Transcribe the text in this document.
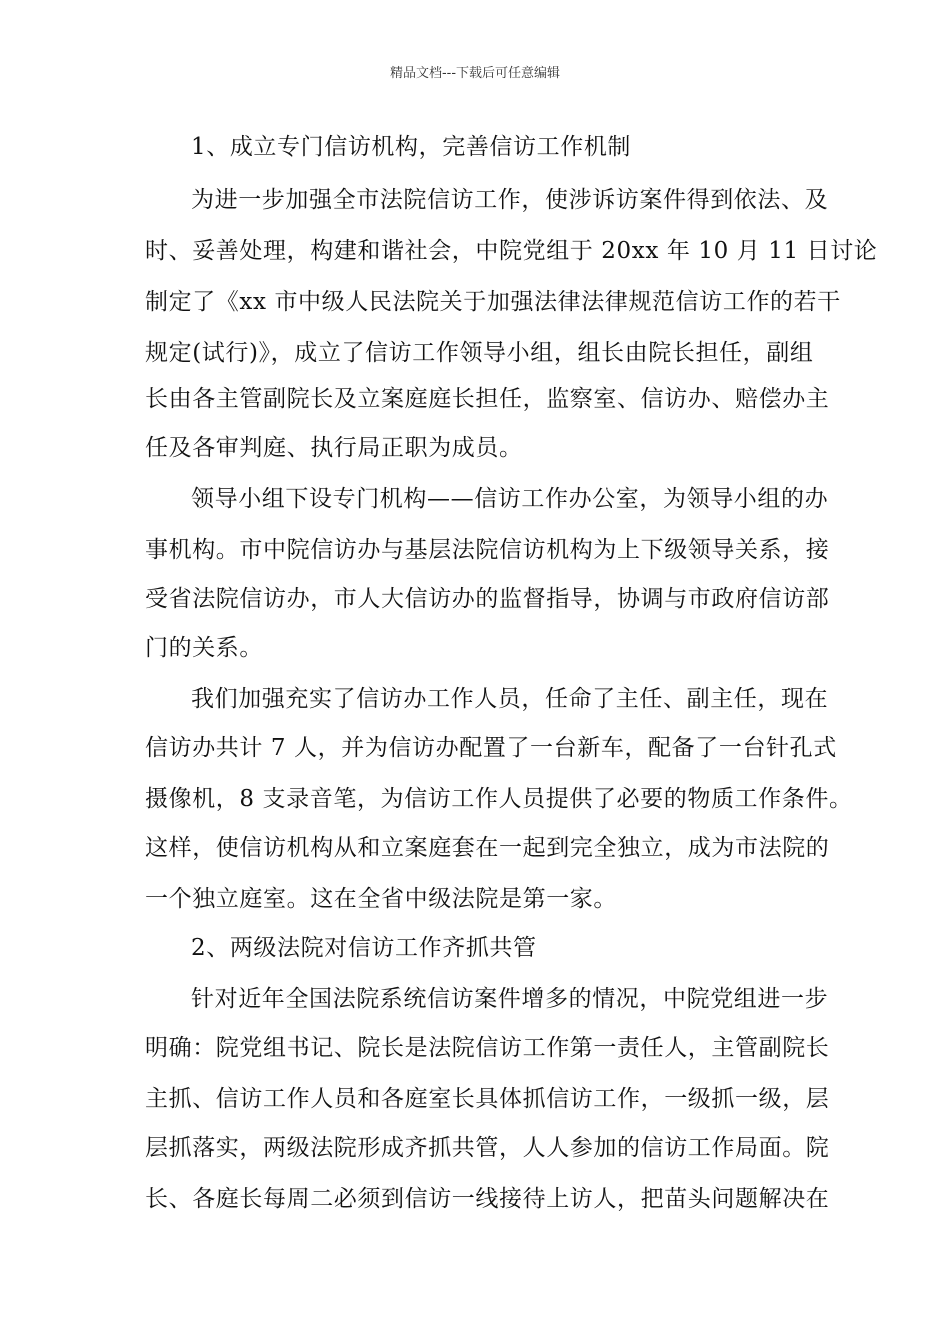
精品文档---下载后可任意编辑
1、成立专门信访机构，完善信访工作机制
为进一步加强全市法院信访工作，使涉诉访案件得到依法、及
时、妥善处理，构建和谐社会，中院党组于 20xx 年 10 月 11 日讨论
制定了《xx 市中级人民法院关于加强法律法律规范信访工作的若干
规定(试行)》，成立了信访工作领导小组，组长由院长担任，副组
长由各主管副院长及立案庭庭长担任，监察室、信访办、赔偿办主
任及各审判庭、执行局正职为成员。
领导小组下设专门机构——信访工作办公室，为领导小组的办
事机构。市中院信访办与基层法院信访机构为上下级领导关系，接
受省法院信访办，市人大信访办的监督指导，协调与市政府信访部
门的关系。
我们加强充实了信访办工作人员，任命了主任、副主任，现在
信访办共计 7 人，并为信访办配置了一台新车，配备了一台针孔式
摄像机，8 支录音笔，为信访工作人员提供了必要的物质工作条件。
这样，使信访机构从和立案庭套在一起到完全独立，成为市法院的
一个独立庭室。这在全省中级法院是第一家。
2、两级法院对信访工作齐抓共管
针对近年全国法院系统信访案件增多的情况，中院党组进一步
明确：院党组书记、院长是法院信访工作第一责任人，主管副院长
主抓、信访工作人员和各庭室长具体抓信访工作，一级抓一级，层
层抓落实，两级法院形成齐抓共管，人人参加的信访工作局面。院
长、各庭长每周二必须到信访一线接待上访人，把苗头问题解决在
